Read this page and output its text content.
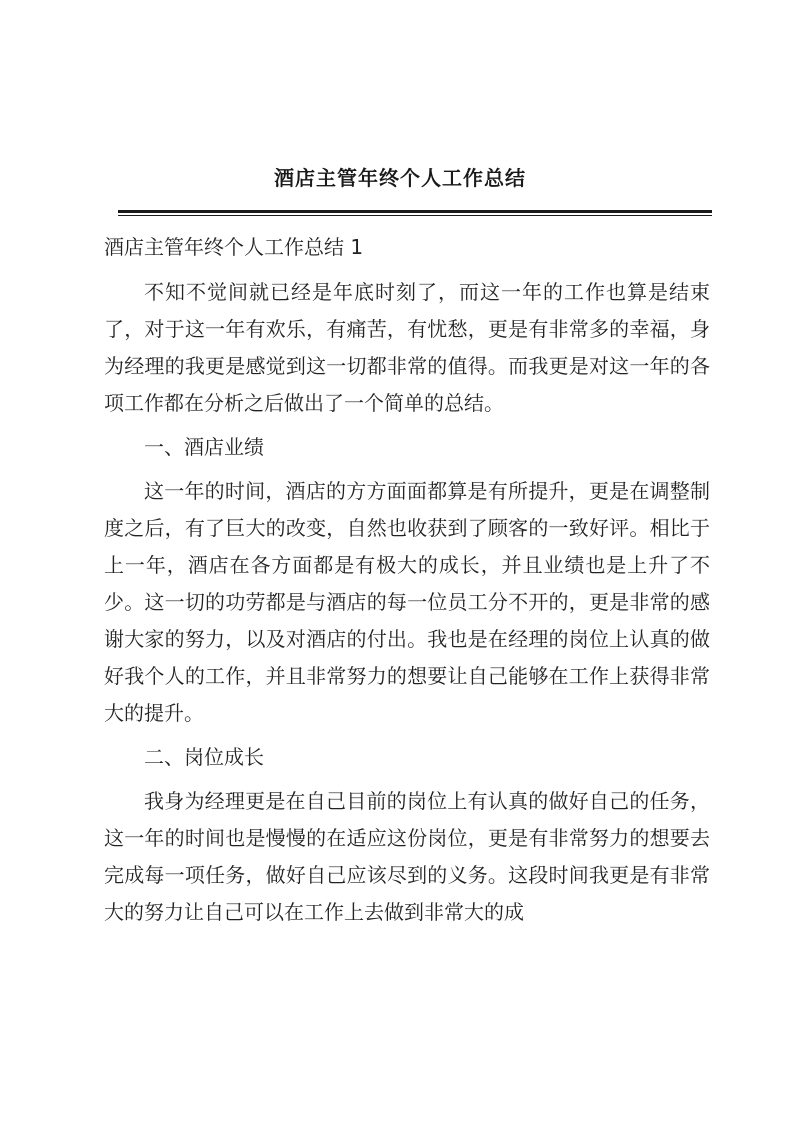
酒店主管年终个人工作总结

酒店主管年终个人工作总结 1

不知不觉间就已经是年底时刻了，而这一年的工作也算是结束了，对于这一年有欢乐，有痛苦，有忧愁，更是有非常多的幸福，身为经理的我更是感觉到这一切都非常的值得。而我更是对这一年的各项工作都在分析之后做出了一个简单的总结。

一、酒店业绩

这一年的时间，酒店的方方面面都算是有所提升，更是在调整制度之后，有了巨大的改变，自然也收获到了顾客的一致好评。相比于上一年，酒店在各方面都是有极大的成长，并且业绩也是上升了不少。这一切的功劳都是与酒店的每一位员工分不开的，更是非常的感谢大家的努力，以及对酒店的付出。我也是在经理的岗位上认真的做好我个人的工作，并且非常努力的想要让自己能够在工作上获得非常大的提升。

二、岗位成长

我身为经理更是在自己目前的岗位上有认真的做好自己的任务，这一年的时间也是慢慢的在适应这份岗位，更是有非常努力的想要去完成每一项任务，做好自己应该尽到的义务。这段时间我更是有非常大的努力让自己可以在工作上去做到非常大的成
